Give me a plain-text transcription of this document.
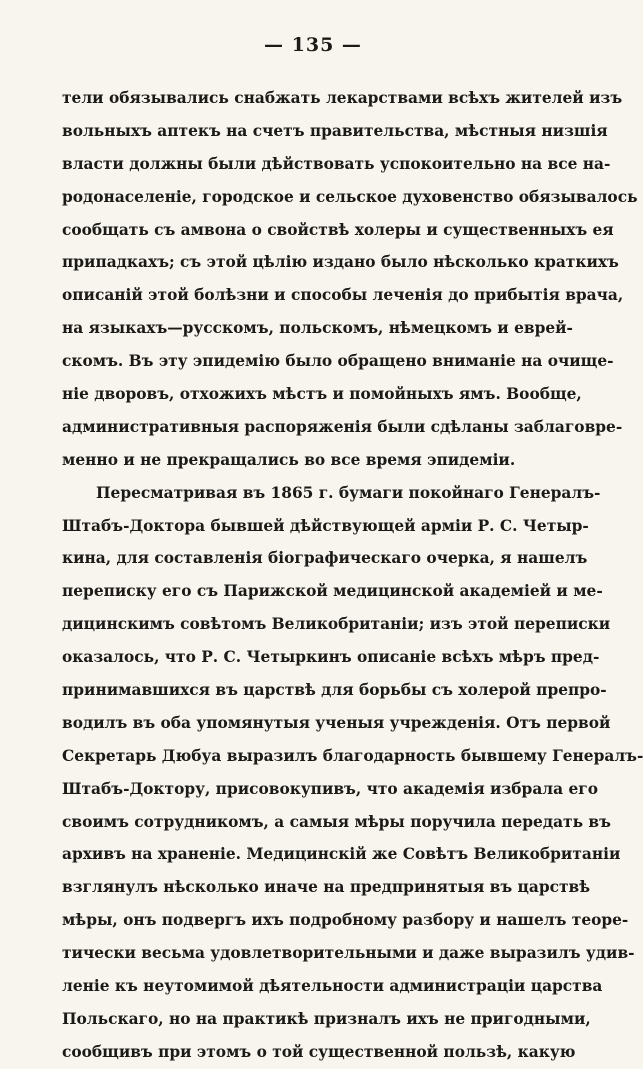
— 135 —
тели обязывались снабжать лекарствами всѣхъ жителей изъ
вольныхъ аптекъ на счетъ правительства, мѣстныя низшія
власти должны были дѣйствовать успокоительно на все на-
родонаселеніе, городское и сельское духовенство обязывалось
сообщать съ амвона о свойствѣ холеры и существенныхъ ея
припадкахъ; съ этой цѣлію издано было нѣсколько краткихъ
описаній этой болѣзни и способы леченія до прибытія врача,
на языкахъ—русскомъ, польскомъ, нѣмецкомъ и еврей-
скомъ. Въ эту эпидемію было обращено вниманіе на очище-
ніе дворовъ, отхожихъ мѣстъ и помойныхъ ямъ. Вообще,
административныя распоряженія были сдѣланы заблаговре-
менно и не прекращались во все время эпидеміи.
Пересматривая въ 1865 г. бумаги покойнаго Генералъ-
Штабъ-Доктора бывшей дѣйствующей арміи Р. С. Четыр-
кина, для составленія біографическаго очерка, я нашелъ
переписку его съ Парижской медицинской академіей и ме-
дицинскимъ совѣтомъ Великобританіи; изъ этой переписки
оказалось, что Р. С. Четыркинъ описаніе всѣхъ мѣръ пред-
принимавшихся въ царствѣ для борьбы съ холерой препро-
водилъ въ оба упомянутыя ученыя учрежденія. Отъ первой
Секретарь Дюбуа выразилъ благодарность бывшему Генералъ-
Штабъ-Доктору, присовокупивъ, что академія избрала его
своимъ сотрудникомъ, а самыя мѣры поручила передать въ
архивъ на храненіе. Медицинскій же Совѣтъ Великобританіи
взглянулъ нѣсколько иначе на предпринятыя въ царствѣ
мѣры, онъ подвергъ ихъ подробному разбору и нашелъ теоре-
тически весьма удовлетворительными и даже выразилъ удив-
леніе къ неутомимой дѣятельности администраціи царства
Польскаго, но на практикѣ призналъ ихъ не пригодными,
сообщивъ при этомъ о той существенной пользѣ, какую
